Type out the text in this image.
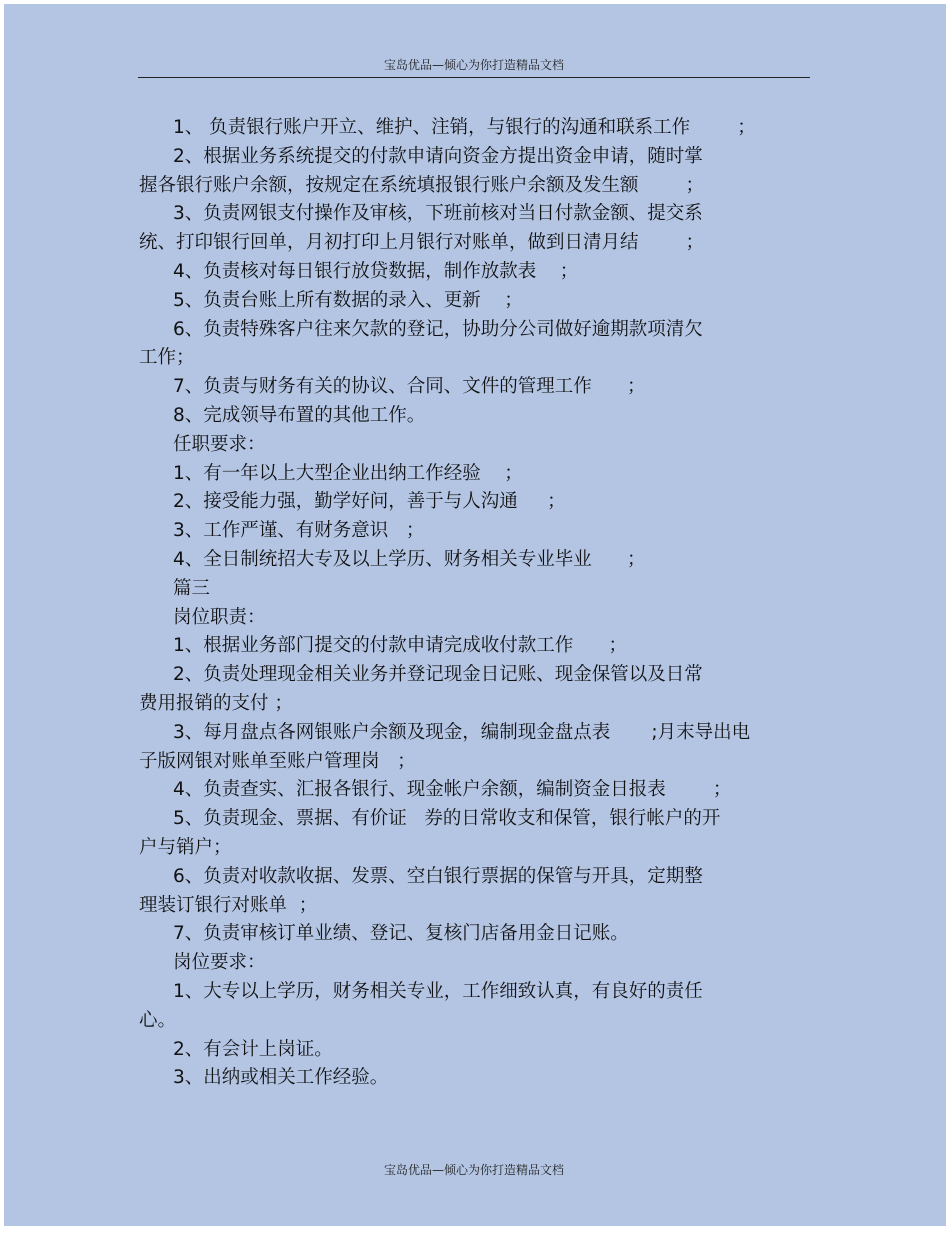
宝岛优品—倾心为你打造精品文档

1、 负责银行账户开立、维护、注销，与银行的沟通和联系工作        ；

2、根据业务系统提交的付款申请向资金方提出资金申请，随时掌

握各银行账户余额，按规定在系统填报银行账户余额及发生额        ；

3、负责网银支付操作及审核，下班前核对当日付款金额、提交系

统、打印银行回单，月初打印上月银行对账单，做到日清月结        ；

4、负责核对每日银行放贷数据，制作放款表    ；

5、负责台账上所有数据的录入、更新    ；

6、负责特殊客户往来欠款的登记，协助分公司做好逾期款项清欠

工作；

7、负责与财务有关的协议、合同、文件的管理工作      ；

8、完成领导布置的其他工作。

任职要求：

1、有一年以上大型企业出纳工作经验    ；

2、接受能力强，勤学好问，善于与人沟通     ；

3、工作严谨、有财务意识   ；

4、全日制统招大专及以上学历、财务相关专业毕业      ；

篇三

岗位职责：

1、根据业务部门提交的付款申请完成收付款工作      ；

2、负责处理现金相关业务并登记现金日记账、现金保管以及日常

费用报销的支付 ；

3、每月盘点各网银账户余额及现金，编制现金盘点表       ;月末导出电

子版网银对账单至账户管理岗   ；

4、负责查实、汇报各银行、现金帐户余额，编制资金日报表        ；

5、负责现金、票据、有价证   券的日常收支和保管，银行帐户的开

户与销户；

6、负责对收款收据、发票、空白银行票据的保管与开具，定期整

理装订银行对账单  ；

7、负责审核订单业绩、登记、复核门店备用金日记账。

岗位要求：

1、大专以上学历，财务相关专业，工作细致认真，有良好的责任

心。

2、有会计上岗证。

3、出纳或相关工作经验。

宝岛优品—倾心为你打造精品文档
